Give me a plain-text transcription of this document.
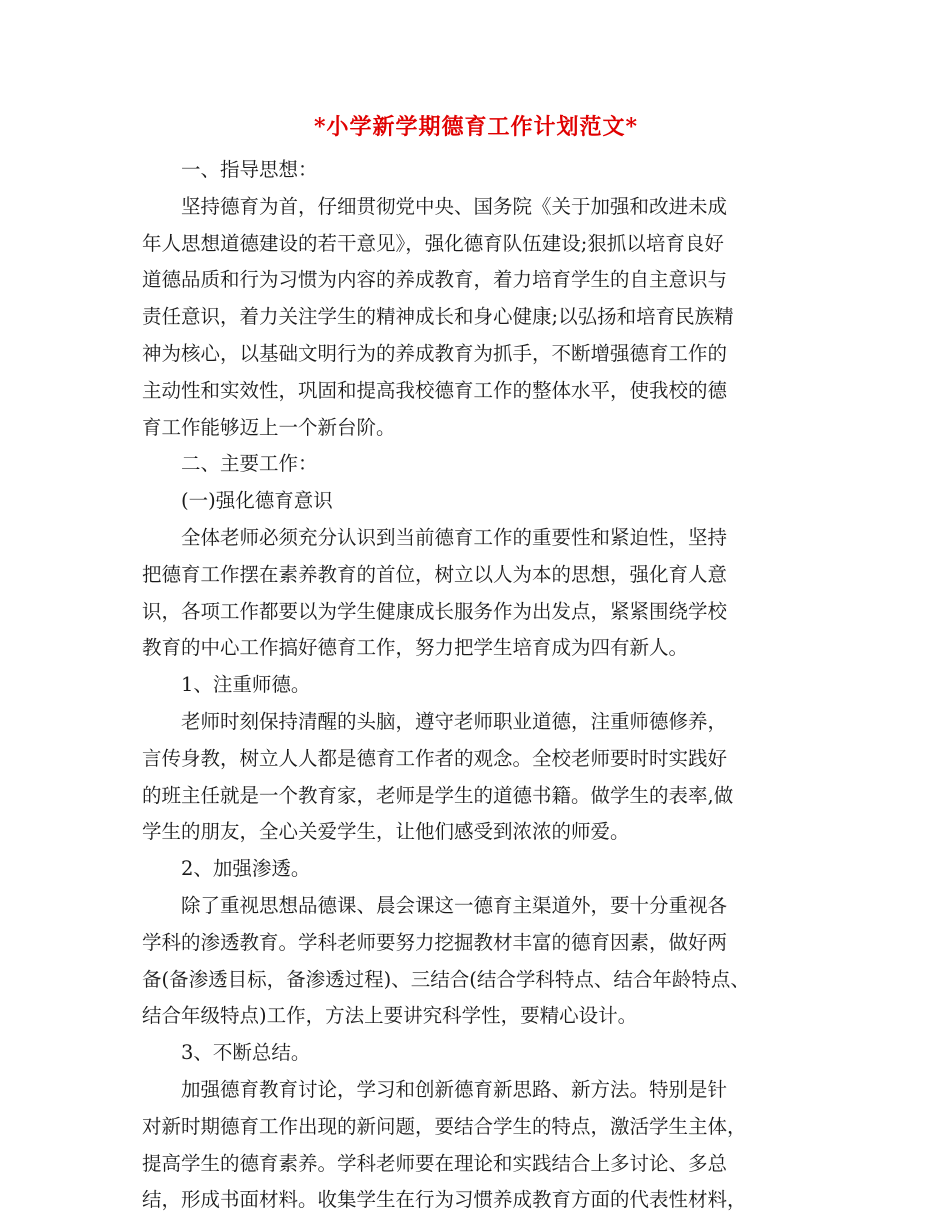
*小学新学期德育工作计划范文*

一、指导思想：

坚持德育为首，仔细贯彻党中央、国务院《关于加强和改进未成
年人思想道德建设的若干意见》，强化德育队伍建设;狠抓以培育良好
道德品质和行为习惯为内容的养成教育，着力培育学生的自主意识与
责任意识，着力关注学生的精神成长和身心健康;以弘扬和培育民族精
神为核心，以基础文明行为的养成教育为抓手，不断增强德育工作的
主动性和实效性，巩固和提高我校德育工作的整体水平，使我校的德
育工作能够迈上一个新台阶。

二、主要工作：

(一)强化德育意识

全体老师必须充分认识到当前德育工作的重要性和紧迫性，坚持
把德育工作摆在素养教育的首位，树立以人为本的思想，强化育人意
识，各项工作都要以为学生健康成长服务作为出发点，紧紧围绕学校
教育的中心工作搞好德育工作，努力把学生培育成为四有新人。

1、注重师德。

老师时刻保持清醒的头脑，遵守老师职业道德，注重师德修养，
言传身教，树立人人都是德育工作者的观念。全校老师要时时实践好
的班主任就是一个教育家，老师是学生的道德书籍。做学生的表率,做
学生的朋友，全心关爱学生，让他们感受到浓浓的师爱。

2、加强渗透。

除了重视思想品德课、晨会课这一德育主渠道外，要十分重视各
学科的渗透教育。学科老师要努力挖掘教材丰富的德育因素，做好两
备(备渗透目标，备渗透过程)、三结合(结合学科特点、结合年龄特点、
结合年级特点)工作，方法上要讲究科学性，要精心设计。

3、不断总结。

加强德育教育讨论，学习和创新德育新思路、新方法。特别是针
对新时期德育工作出现的新问题，要结合学生的特点，激活学生主体，
提高学生的德育素养。学科老师要在理论和实践结合上多讨论、多总
结，形成书面材料。收集学生在行为习惯养成教育方面的代表性材料，
